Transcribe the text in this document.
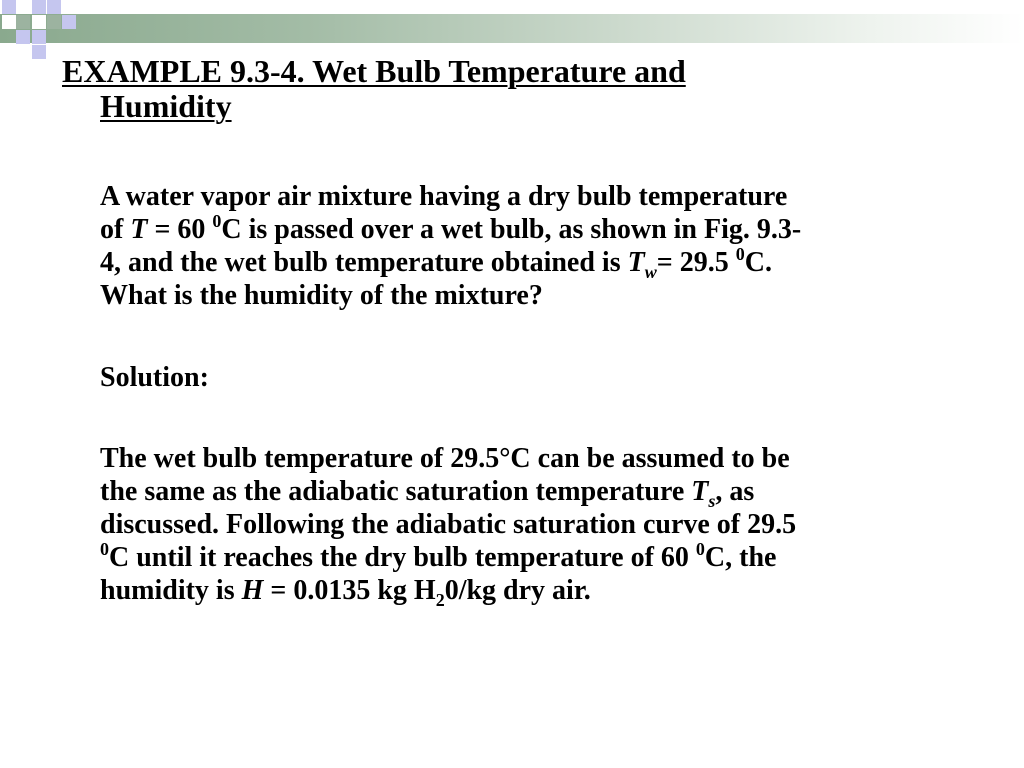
EXAMPLE 9.3-4. Wet Bulb Temperature and
Humidity

A water vapor air mixture having a dry bulb temperature
of T = 60 $^0$C is passed over a wet bulb, as shown in Fig. 9.3-
4, and the wet bulb temperature obtained is $T_w= 29.5$ $^0$C.
What is the humidity of the mixture?

Solution:

The wet bulb temperature of 29.5°C can be assumed to be
the same as the adiabatic saturation temperature $T_s$, as
discussed. Following the adiabatic saturation curve of 29.5
$^0$C until it reaches the dry bulb temperature of 60 $^0$C, the
humidity is H = 0.0135 kg $H_20/kg$ dry air.
